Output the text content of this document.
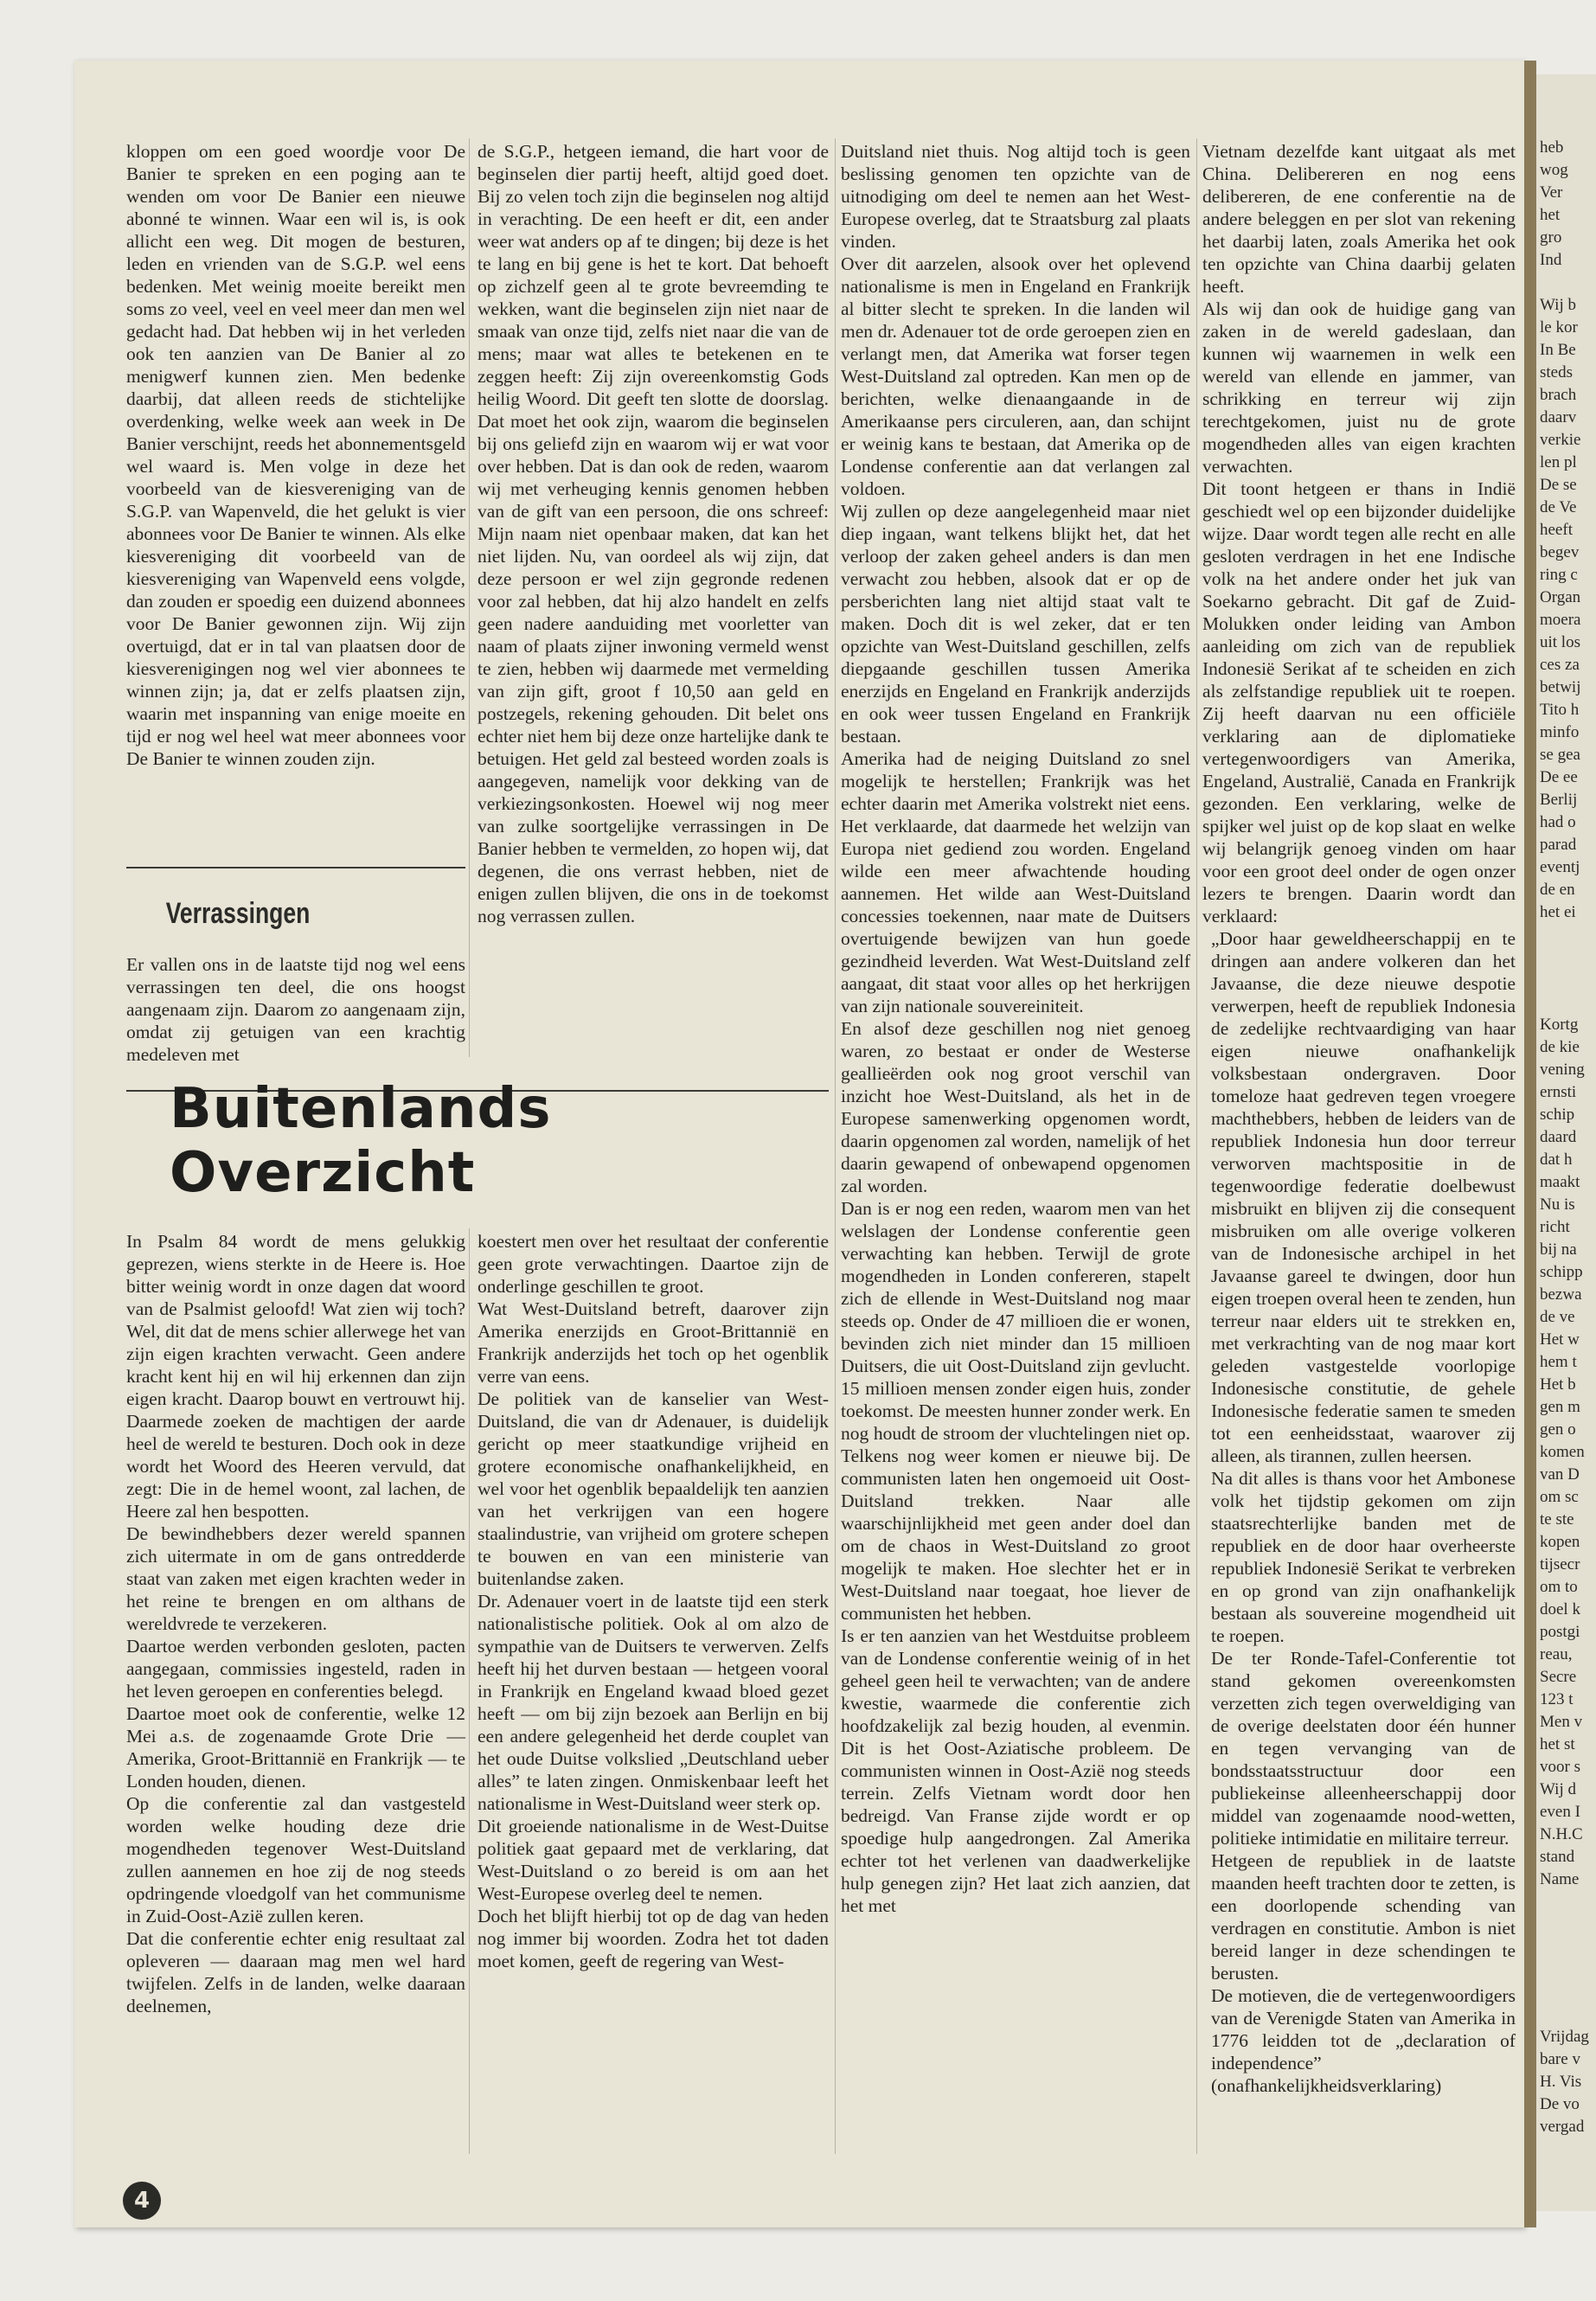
heb
wog
Ver
het
gro
Ind

Wij b
le kor
In Be
steds
brach
daarv
verkie
len pl
De se
de Ve
heeft
begev
ring c
Organ
moera
uit los
ces za
betwij
Tito h
minfo
se gea
De ee
Berlij
had o
parad
eventj
de en
het ei

Kortg
de kie
vening
ernsti
schip
daard
dat h
maakt
Nu is
richt
bij na
schipp
bezwa
de ve
Het w
hem t
Het b
gen m
gen o
komen
van D
om sc
te ste
kopen
tijsecr
om to
doel k
postgi
reau,
Secre
123 t
Men v
het st
voor s
Wij d
even I
N.H.C
stand
Name

Vrijdag
bare v
H. Vis
De vo
vergad

kloppen om een goed woordje voor De Banier te spreken en een poging aan te wenden om voor De Banier een nieuwe abonné te winnen. Waar een wil is, is ook allicht een weg. Dit mogen de besturen, leden en vrienden van de S.G.P. wel eens bedenken. Met weinig moeite bereikt men soms zo veel, veel en veel meer dan men wel gedacht had. Dat hebben wij in het verleden ook ten aanzien van De Banier al zo menigwerf kunnen zien. Men bedenke daarbij, dat alleen reeds de stichtelijke overdenking, welke week aan week in De Banier verschijnt, reeds het abonnementsgeld wel waard is. Men volge in deze het voorbeeld van de kiesvereniging van de S.G.P. van Wapenveld, die het gelukt is vier abonnees voor De Banier te winnen. Als elke kiesvereniging dit voorbeeld van de kiesvereniging van Wapenveld eens volgde, dan zouden er spoedig een duizend abonnees voor De Banier gewonnen zijn. Wij zijn overtuigd, dat er in tal van plaatsen door de kiesverenigingen nog wel vier abonnees te winnen zijn; ja, dat er zelfs plaatsen zijn, waarin met inspanning van enige moeite en tijd er nog wel heel wat meer abonnees voor De Banier te winnen zouden zijn.

Verrassingen

Er vallen ons in de laatste tijd nog wel eens verrassingen ten deel, die ons hoogst aangenaam zijn. Daarom zo aangenaam zijn, omdat zij getuigen van een krachtig medeleven met

de S.G.P., hetgeen iemand, die hart voor de beginselen dier partij heeft, altijd goed doet. Bij zo velen toch zijn die beginselen nog altijd in verachting. De een heeft er dit, een ander weer wat anders op af te dingen; bij deze is het te lang en bij gene is het te kort. Dat behoeft op zichzelf geen al te grote bevreemding te wekken, want die beginselen zijn niet naar de smaak van onze tijd, zelfs niet naar die van de mens; maar wat alles te betekenen en te zeggen heeft: Zij zijn overeenkomstig Gods heilig Woord. Dit geeft ten slotte de doorslag. Dat moet het ook zijn, waarom die beginselen bij ons geliefd zijn en waarom wij er wat voor over hebben. Dat is dan ook de reden, waarom wij met verheuging kennis genomen hebben van de gift van een persoon, die ons schreef: Mijn naam niet openbaar maken, dat kan het niet lijden. Nu, van oordeel als wij zijn, dat deze persoon er wel zijn gegronde redenen voor zal hebben, dat hij alzo handelt en zelfs geen nadere aanduiding met voorletter van naam of plaats zijner inwoning vermeld wenst te zien, hebben wij daarmede met vermelding van zijn gift, groot f 10,50 aan geld en postzegels, rekening gehouden. Dit belet ons echter niet hem bij deze onze hartelijke dank te betuigen. Het geld zal besteed worden zoals is aangegeven, namelijk voor dekking van de verkiezingsonkosten. Hoewel wij nog meer van zulke soortgelijke verrassingen in De Banier hebben te vermelden, zo hopen wij, dat degenen, die ons verrast hebben, niet de enigen zullen blijven, die ons in de toekomst nog verrassen zullen.

Buitenlands Overzicht

In Psalm 84 wordt de mens gelukkig geprezen, wiens sterkte in de Heere is. Hoe bitter weinig wordt in onze dagen dat woord van de Psalmist geloofd! Wat zien wij toch? Wel, dit dat de mens schier allerwege het van zijn eigen krachten verwacht. Geen andere kracht kent hij en wil hij erkennen dan zijn eigen kracht. Daarop bouwt en vertrouwt hij. Daarmede zoeken de machtigen der aarde heel de wereld te besturen. Doch ook in deze wordt het Woord des Heeren vervuld, dat zegt: Die in de hemel woont, zal lachen, de Heere zal hen bespotten.

De bewindhebbers dezer wereld spannen zich uitermate in om de gans ontredderde staat van zaken met eigen krachten weder in het reine te brengen en om althans de wereldvrede te verzekeren.

Daartoe werden verbonden gesloten, pacten aangegaan, commissies ingesteld, raden in het leven geroepen en conferenties belegd.

Daartoe moet ook de conferentie, welke 12 Mei a.s. de zogenaamde Grote Drie — Amerika, Groot-Brittannië en Frankrijk — te Londen houden, dienen.

Op die conferentie zal dan vastgesteld worden welke houding deze drie mogendheden tegenover West-Duitsland zullen aannemen en hoe zij de nog steeds opdringende vloedgolf van het communisme in Zuid-Oost-Azië zullen keren.

Dat die conferentie echter enig resultaat zal opleveren — daaraan mag men wel hard twijfelen. Zelfs in de landen, welke daaraan deelnemen,

koestert men over het resultaat der conferentie geen grote verwachtingen. Daartoe zijn de onderlinge geschillen te groot.

Wat West-Duitsland betreft, daarover zijn Amerika enerzijds en Groot-Brittannië en Frankrijk anderzijds het toch op het ogenblik verre van eens.

De politiek van de kanselier van West-Duitsland, die van dr Adenauer, is duidelijk gericht op meer staatkundige vrijheid en grotere economische onafhankelijkheid, en wel voor het ogenblik bepaaldelijk ten aanzien van het verkrijgen van een hogere staalindustrie, van vrijheid om grotere schepen te bouwen en van een ministerie van buitenlandse zaken.

Dr. Adenauer voert in de laatste tijd een sterk nationalistische politiek. Ook al om alzo de sympathie van de Duitsers te verwerven. Zelfs heeft hij het durven bestaan — hetgeen vooral in Frankrijk en Engeland kwaad bloed gezet heeft — om bij zijn bezoek aan Berlijn en bij een andere gelegenheid het derde couplet van het oude Duitse volkslied „Deutschland ueber alles” te laten zingen. Onmiskenbaar leeft het nationalisme in West-Duitsland weer sterk op.

Dit groeiende nationalisme in de West-Duitse politiek gaat gepaard met de verklaring, dat West-Duitsland o zo bereid is om aan het West-Europese overleg deel te nemen.

Doch het blijft hierbij tot op de dag van heden nog immer bij woorden. Zodra het tot daden moet komen, geeft de regering van West-

Duitsland niet thuis. Nog altijd toch is geen beslissing genomen ten opzichte van de uitnodiging om deel te nemen aan het West-Europese overleg, dat te Straatsburg zal plaats vinden.

Over dit aarzelen, alsook over het oplevend nationalisme is men in Engeland en Frankrijk al bitter slecht te spreken. In die landen wil men dr. Adenauer tot de orde geroepen zien en verlangt men, dat Amerika wat forser tegen West-Duitsland zal optreden. Kan men op de berichten, welke dienaangaande in de Amerikaanse pers circuleren, aan, dan schijnt er weinig kans te bestaan, dat Amerika op de Londense conferentie aan dat verlangen zal voldoen.

Wij zullen op deze aangelegenheid maar niet diep ingaan, want telkens blijkt het, dat het verloop der zaken geheel anders is dan men verwacht zou hebben, alsook dat er op de persberichten lang niet altijd staat valt te maken. Doch dit is wel zeker, dat er ten opzichte van West-Duitsland geschillen, zelfs diepgaande geschillen tussen Amerika enerzijds en Engeland en Frankrijk anderzijds en ook weer tussen Engeland en Frankrijk bestaan.

Amerika had de neiging Duitsland zo snel mogelijk te herstellen; Frankrijk was het echter daarin met Amerika volstrekt niet eens. Het verklaarde, dat daarmede het welzijn van Europa niet gediend zou worden. Engeland wilde een meer afwachtende houding aannemen. Het wilde aan West-Duitsland concessies toekennen, naar mate de Duitsers overtuigende bewijzen van hun goede gezindheid leverden. Wat West-Duitsland zelf aangaat, dit staat voor alles op het herkrijgen van zijn nationale souvereiniteit.

En alsof deze geschillen nog niet genoeg waren, zo bestaat er onder de Westerse geallieërden ook nog groot verschil van inzicht hoe West-Duitsland, als het in de Europese samenwerking opgenomen wordt, daarin opgenomen zal worden, namelijk of het daarin gewapend of onbewapend opgenomen zal worden.

Dan is er nog een reden, waarom men van het welslagen der Londense conferentie geen verwachting kan hebben. Terwijl de grote mogendheden in Londen confereren, stapelt zich de ellende in West-Duitsland nog maar steeds op. Onder de 47 millioen die er wonen, bevinden zich niet minder dan 15 millioen Duitsers, die uit Oost-Duitsland zijn gevlucht. 15 millioen mensen zonder eigen huis, zonder toekomst. De meesten hunner zonder werk. En nog houdt de stroom der vluchtelingen niet op. Telkens nog weer komen er nieuwe bij. De communisten laten hen ongemoeid uit Oost-Duitsland trekken. Naar alle waarschijnlijkheid met geen ander doel dan om de chaos in West-Duitsland zo groot mogelijk te maken. Hoe slechter het er in West-Duitsland naar toegaat, hoe liever de communisten het hebben.

Is er ten aanzien van het Westduitse probleem van de Londense conferentie weinig of in het geheel geen heil te verwachten; van de andere kwestie, waarmede die conferentie zich hoofdzakelijk zal bezig houden, al evenmin. Dit is het Oost-Aziatische probleem. De communisten winnen in Oost-Azië nog steeds terrein. Zelfs Vietnam wordt door hen bedreigd. Van Franse zijde wordt er op spoedige hulp aangedrongen. Zal Amerika echter tot het verlenen van daadwerkelijke hulp genegen zijn? Het laat zich aanzien, dat het met

Vietnam dezelfde kant uitgaat als met China. Delibereren en nog eens delibereren, de ene conferentie na de andere beleggen en per slot van rekening het daarbij laten, zoals Amerika het ook ten opzichte van China daarbij gelaten heeft.

Als wij dan ook de huidige gang van zaken in de wereld gadeslaan, dan kunnen wij waarnemen in welk een wereld van ellende en jammer, van schrikking en terreur wij zijn terechtgekomen, juist nu de grote mogendheden alles van eigen krachten verwachten.

Dit toont hetgeen er thans in Indië geschiedt wel op een bijzonder duidelijke wijze. Daar wordt tegen alle recht en alle gesloten verdragen in het ene Indische volk na het andere onder het juk van Soekarno gebracht. Dit gaf de Zuid-Molukken onder leiding van Ambon aanleiding om zich van de republiek Indonesië Serikat af te scheiden en zich als zelfstandige republiek uit te roepen. Zij heeft daarvan nu een officiële verklaring aan de diplomatieke vertegenwoordigers van Amerika, Engeland, Australië, Canada en Frankrijk gezonden. Een verklaring, welke de spijker wel juist op de kop slaat en welke wij belangrijk genoeg vinden om haar voor een groot deel onder de ogen onzer lezers te brengen. Daarin wordt dan verklaard:

„Door haar geweldheerschappij en te dringen aan andere volkeren dan het Javaanse, die deze nieuwe despotie verwerpen, heeft de republiek Indonesia de zedelijke rechtvaardiging van haar eigen nieuwe onafhankelijk volksbestaan ondergraven. Door tomeloze haat gedreven tegen vroegere machthebbers, hebben de leiders van de republiek Indonesia hun door terreur verworven machtspositie in de tegenwoordige federatie doelbewust misbruikt en blijven zij die consequent misbruiken om alle overige volkeren van de Indonesische archipel in het Javaanse gareel te dwingen, door hun eigen troepen overal heen te zenden, hun terreur naar elders uit te strekken en, met verkrachting van de nog maar kort geleden vastgestelde voorlopige Indonesische constitutie, de gehele Indonesische federatie samen te smeden tot een eenheidsstaat, waarover zij alleen, als tirannen, zullen heersen.

Na dit alles is thans voor het Ambonese volk het tijdstip gekomen om zijn staatsrechterlijke banden met de republiek en de door haar overheerste republiek Indonesië Serikat te verbreken en op grond van zijn onafhankelijk bestaan als souvereine mogendheid uit te roepen.

De ter Ronde-Tafel-Conferentie tot stand gekomen overeenkomsten verzetten zich tegen overweldiging van de overige deelstaten door één hunner en tegen vervanging van de bondsstaatsstructuur door een publiekeinse alleenheerschappij door middel van zogenaamde nood-wetten, politieke intimidatie en militaire terreur.

Hetgeen de republiek in de laatste maanden heeft trachten door te zetten, is een doorlopende schending van verdragen en constitutie. Ambon is niet bereid langer in deze schendingen te berusten.

De motieven, die de vertegenwoordigers van de Verenigde Staten van Amerika in 1776 leidden tot de „declaration of independence” (onafhankelijkheidsverklaring)

4
